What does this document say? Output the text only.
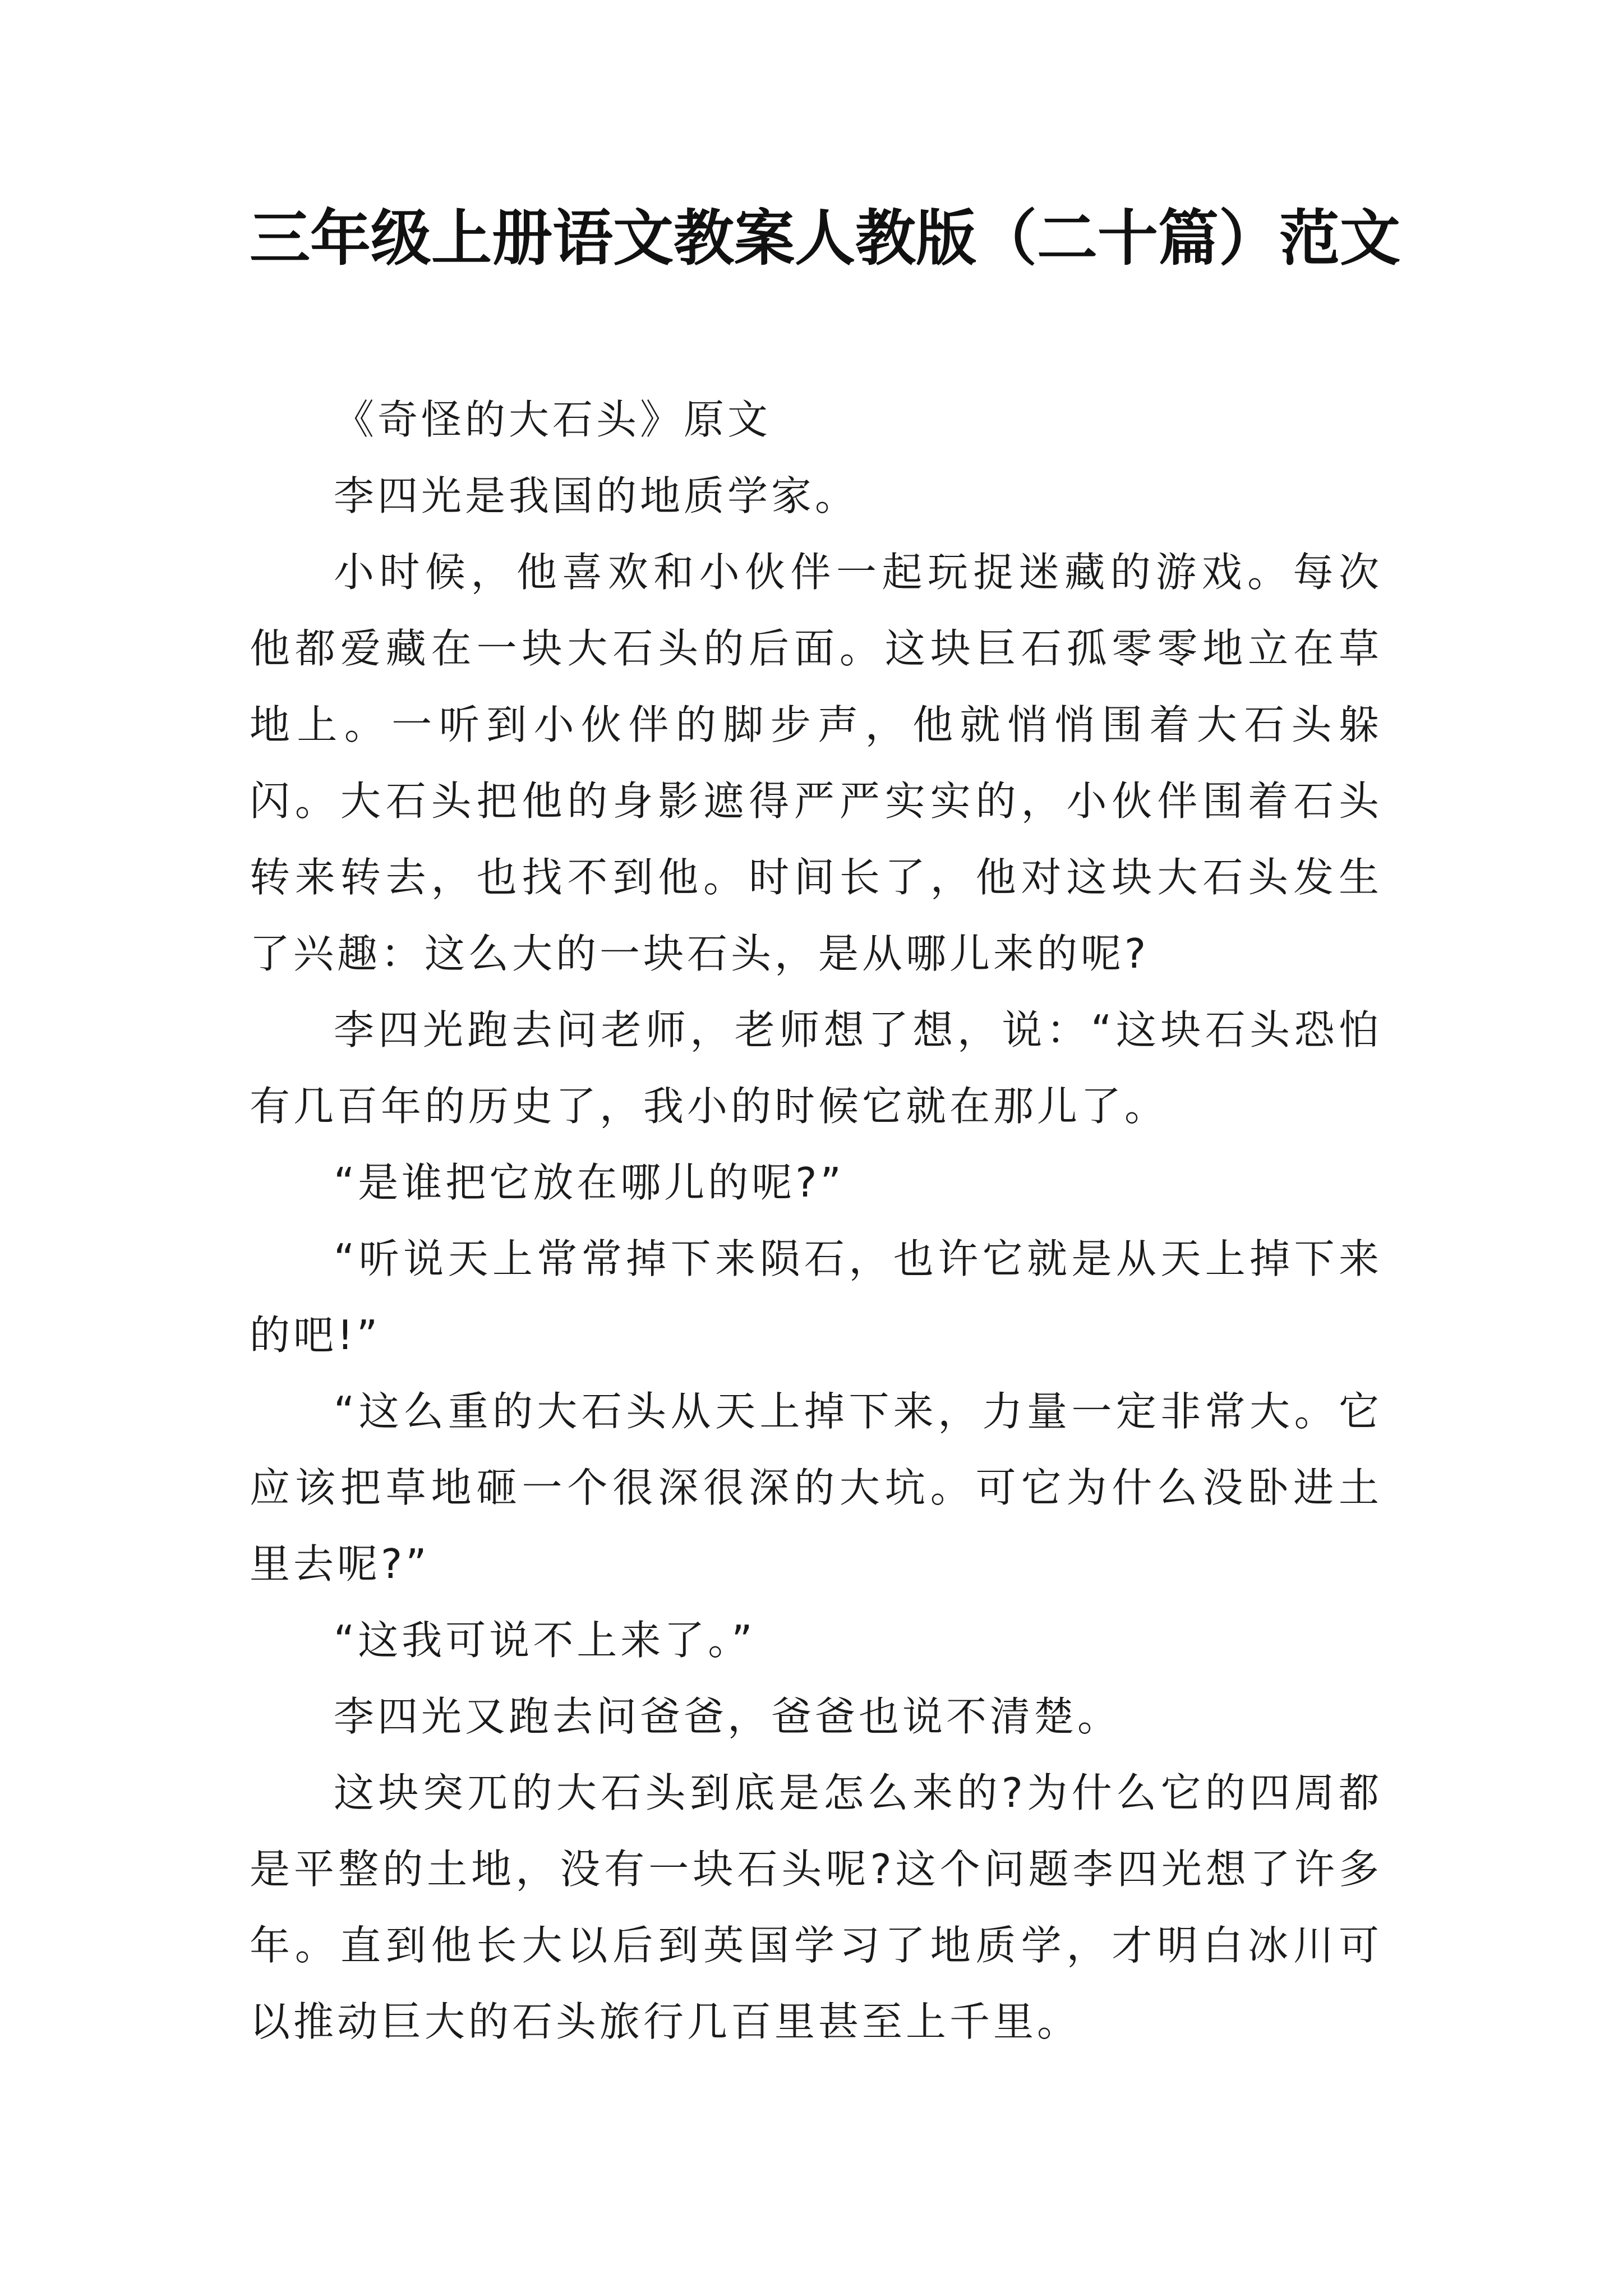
三年级上册语文教案人教版（二十篇）范文

《奇怪的大石头》原文

李四光是我国的地质学家。

小时候，他喜欢和小伙伴一起玩捉迷藏的游戏。每次他都爱藏在一块大石头的后面。这块巨石孤零零地立在草地上。一听到小伙伴的脚步声，他就悄悄围着大石头躲闪。大石头把他的身影遮得严严实实的，小伙伴围着石头转来转去，也找不到他。时间长了，他对这块大石头发生了兴趣：这么大的一块石头，是从哪儿来的呢?

李四光跑去问老师，老师想了想，说：“这块石头恐怕有几百年的历史了，我小的时候它就在那儿了。

“是谁把它放在哪儿的呢?”

“听说天上常常掉下来陨石，也许它就是从天上掉下来的吧!”

“这么重的大石头从天上掉下来，力量一定非常大。它应该把草地砸一个很深很深的大坑。可它为什么没卧进土里去呢?”

“这我可说不上来了。”

李四光又跑去问爸爸，爸爸也说不清楚。

这块突兀的大石头到底是怎么来的?为什么它的四周都是平整的土地，没有一块石头呢?这个问题李四光想了许多年。直到他长大以后到英国学习了地质学，才明白冰川可以推动巨大的石头旅行几百里甚至上千里。
